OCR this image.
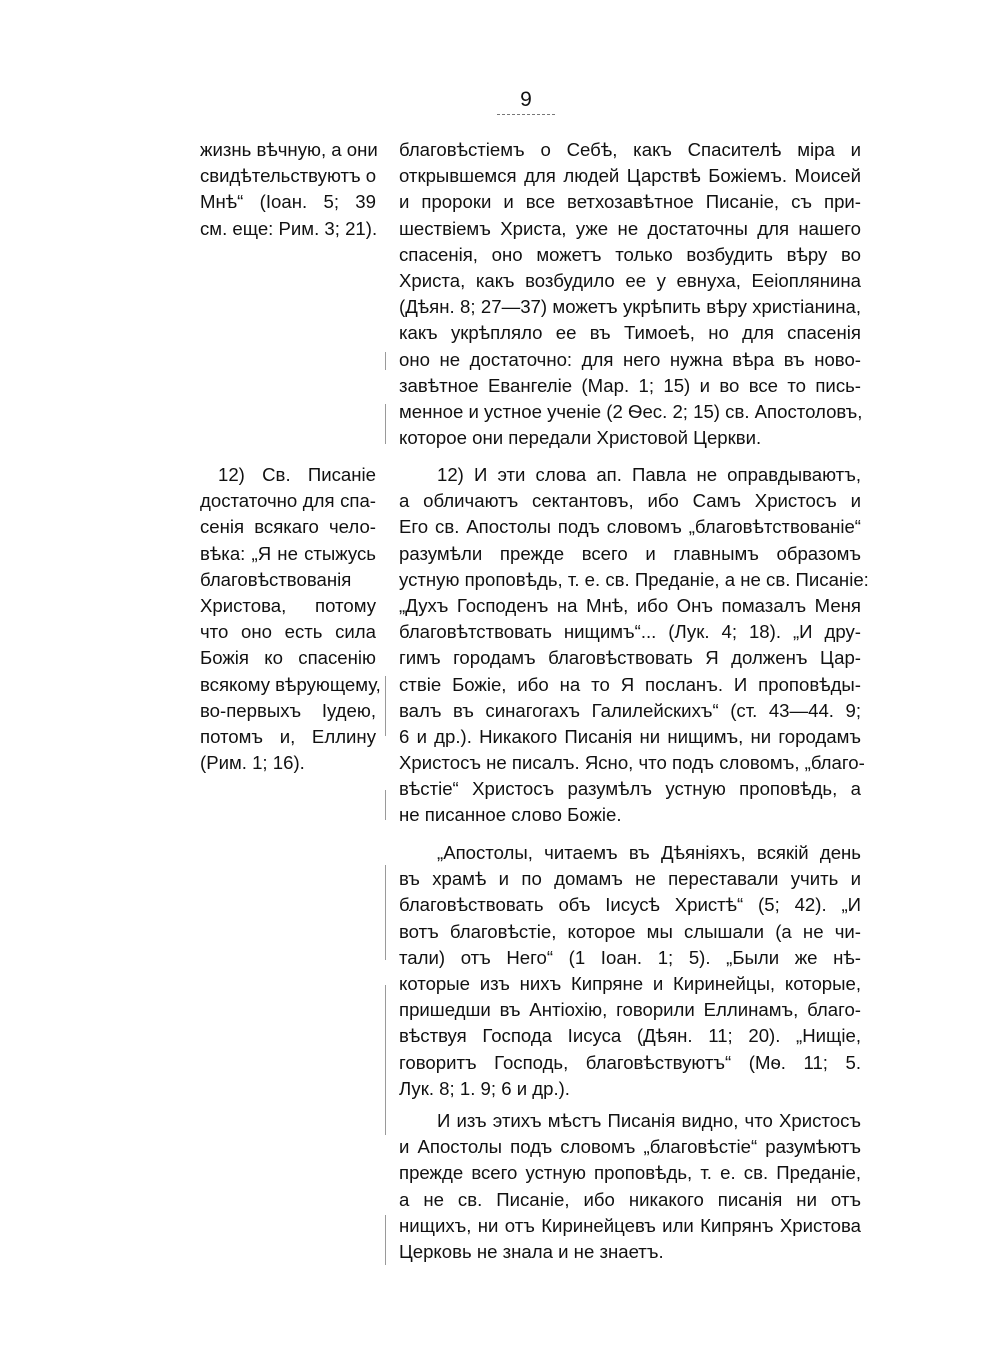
9
жизнь вѣчную, а они
свидѣтельствуютъ о
Мнѣ“ (Іоан. 5; 39
см. еще: Рим. 3; 21).
12) Св. Писаніе
достаточно для спа-
сенія всякаго чело-
вѣка: „Я не стыжусь
благовѣствованія
Христова, потому
что оно есть сила
Божія ко спасенію
всякому вѣрующему,
во-первыхъ Іудею,
потомъ и, Еллину
(Рим. 1; 16).
благовѣстіемъ о Себѣ, какъ Спасителѣ міра и
открывшемся для людей Царствѣ Божіемъ. Моисей
и пророки и все ветхозавѣтное Писаніе, съ при-
шествіемъ Христа, уже не достаточны для нашего
спасенія, оно можетъ только возбудить вѣру во
Христа, какъ возбудило ее у евнуха, Ееіоплянина
(Дѣян. 8; 27—37) можетъ укрѣпить вѣру христіанина,
какъ укрѣпляло ее въ Тимоеѣ, но для спасенія
оно не достаточно: для него нужна вѣра въ ново-
завѣтное Евангеліе (Мар. 1; 15) и во все то пись-
менное и устное ученіе (2 Ѳес. 2; 15) св. Апостоловъ,
которое они передали Христовой Церкви.
12) И эти слова ап. Павла не оправдываютъ,
а обличаютъ сектантовъ, ибо Самъ Христосъ и
Его св. Апостолы подъ словомъ „благовѣтствованіе“
разумѣли прежде всего и главнымъ образомъ
устную проповѣдь, т. е. св. Преданіе, а не св. Писаніе:
„Духъ Господенъ на Мнѣ, ибо Онъ помазалъ Меня
благовѣтствовать нищимъ“... (Лук. 4; 18). „И дру-
гимъ городамъ благовѣствовать Я долженъ Цар-
ствіе Божіе, ибо на то Я посланъ. И проповѣды-
валъ въ синагогахъ Галилейскихъ“ (ст. 43—44. 9;
6 и др.). Никакого Писанія ни нищимъ, ни городамъ
Христосъ не писалъ. Ясно, что подъ словомъ, „благо-
вѣстіе“ Христосъ разумѣлъ устную проповѣдь, а
не писанное слово Божіе.
„Апостолы, читаемъ въ Дѣяніяхъ, всякій день
въ храмѣ и по домамъ не переставали учить и
благовѣствовать объ Іисусѣ Христѣ“ (5; 42). „И
вотъ благовѣстіе, которое мы слышали (а не чи-
тали) отъ Него“ (1 Іоан. 1; 5). „Были же нѣ-
которые изъ нихъ Кипряне и Киринейцы, которые,
пришедши въ Антіохію, говорили Еллинамъ, благо-
вѣствуя Господа Іисуса (Дѣян. 11; 20). „Нищіе,
говоритъ Господь, благовѣствуютъ“ (Мѳ. 11; 5.
Лук. 8; 1. 9; 6 и др.).
И изъ этихъ мѣстъ Писанія видно, что Христосъ
и Апостолы подъ словомъ „благовѣстіе“ разумѣютъ
прежде всего устную проповѣдь, т. е. св. Преданіе,
а не св. Писаніе, ибо никакого писанія ни отъ
нищихъ, ни отъ Киринейцевъ или Кипрянъ Христова
Церковь не знала и не знаетъ.
